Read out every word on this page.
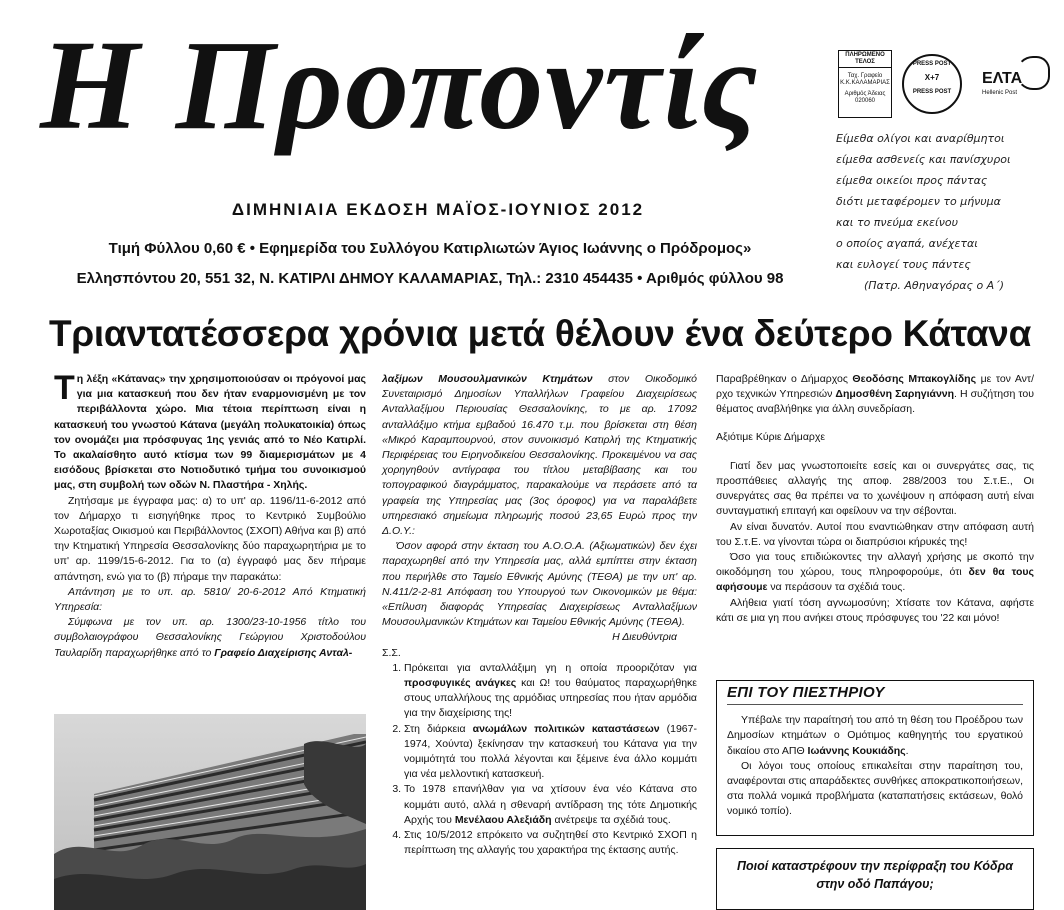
Η Προποντίς	ΠΛΗΡΩΜΕΝΟ ΤΕΛΟΣ
Ταχ. Γραφείο Κ.Κ.ΚΑΛΑΜΑΡΙΑΣ
Αριθμός Άδειας
020060
PRESS POST
Χ+7
PRESS POST
ΕΛΤΑ
Hellenic Post
Είμεθα ολίγοι και αναρίθμητοι
είμεθα ασθενείς και πανίσχυροι
είμεθα οικείοι προς πάντας
διότι μεταφέρομεν το μήνυμα
και το πνεύμα εκείνου
ο οποίος αγαπά, ανέχεται
και ευλογεί τους πάντες
(Πατρ. Αθηναγόρας ο Α΄)
ΔΙΜΗΝΙΑΙΑ ΕΚΔΟΣΗ ΜΑΪΟΣ-ΙΟΥΝΙΟΣ 2012
Τιμή Φύλλου 0,60 € • Εφημερίδα του Συλλόγου Κατιρλιωτών Άγιος Ιωάννης ο Πρόδρομος»
Ελλησπόντου 20, 551 32, Ν. ΚΑΤΙΡΛΙ ΔΗΜΟΥ ΚΑΛΑΜΑΡΙΑΣ, Τηλ.: 2310 454435 • Αριθμός φύλλου 98
Τριαντατέσσερα χρόνια μετά θέλουν ένα δεύτερο Κάτανα

Τη λέξη «Κάτανας» την χρησιμοποιούσαν οι πρόγονοί μας για μια κατασκευή που δεν ήταν εναρμονισμένη με τον περιβάλλοντα χώρο. Μια τέτοια περίπτωση είναι η κατασκευή του γνωστού Κάτανα (μεγάλη πολυκατοικία) όπως τον ονομάζει μια πρόσφυγας 1ης γενιάς από το Νέο Κατιρλί. Το ακαλαίσθητο αυτό κτίσμα των 99 διαμερισμάτων με 4 εισόδους βρίσκεται στο Νοτιοδυτικό τμήμα του συνοικισμού μας, στη συμβολή των οδών Ν. Πλαστήρα - Χηλής.

Ζητήσαμε με έγγραφα μας: α) το υπ' αρ. 1196/11-6-2012 από τον Δήμαρχο τι εισηγήθηκε προς το Κεντρικό Συμβούλιο Χωροταξίας Οικισμού και Περιβάλλοντος (ΣΧΟΠ) Αθήνα και β) από την Κτηματική Υπηρεσία Θεσσαλονίκης δύο παραχωρητήρια με το υπ' αρ. 1199/15-6-2012. Για το (α) έγγραφό μας δεν πήραμε απάντηση, ενώ για το (β) πήραμε την παρακάτω:

Απάντηση με το υπ. αρ. 5810/ 20-6-2012 Από Κτηματική Υπηρεσία:

Σύμφωνα με τον υπ. αρ. 1300/23-10-1956 τίτλο του συμβολαιογράφου Θεσσαλονίκης Γεώργιου Χριστοδούλου Ταυλαρίδη παραχωρήθηκε από το Γραφείο Διαχείρισης Ανταλ-

λαξίμων Μουσουλμανικών Κτημάτων στον Οικοδομικό Συνεταιρισμό Δημοσίων Υπαλλήλων Γραφείου Διαχειρίσεως Ανταλλαξίμου Περιουσίας Θεσσαλονίκης, το με αρ. 17092 ανταλλάξιμο κτήμα εμβαδού 16.470 τ.μ. που βρίσκεται στη θέση «Μικρό Καραμπουρνού, στον συνοικισμό Κατιρλή της Κτηματικής Περιφέρειας του Ειρηνοδικείου Θεσσαλονίκης. Προκειμένου να σας χορηγηθούν αντίγραφα του τίτλου μεταβίβασης και του τοπογραφικού διαγράμματος, παρακαλούμε να περάσετε από τα γραφεία της Υπηρεσίας μας (3ος όροφος) για να παραλάβετε υπηρεσιακό σημείωμα πληρωμής ποσού 23,65 Ευρώ προς την Δ.Ο.Υ.:

Όσον αφορά στην έκταση του Α.Ο.Ο.Α. (Αξιωματικών) δεν έχει παραχωρηθεί από την Υπηρεσία μας, αλλά εμπίπτει στην έκταση που περιήλθε στο Ταμείο Εθνικής Αμύνης (ΤΕΘΑ) με την υπ' αρ. Ν.411/2-2-81 Απόφαση του Υπουργού των Οικονομικών με θέμα: «Επίλυση διαφοράς Υπηρεσίας Διαχειρίσεως Ανταλλαξίμων Μουσουλμανικών Κτημάτων και Ταμείου Εθνικής Αμύνης (ΤΕΘΑ).

Η Διευθύντρια

Σ.Σ.

1. Πρόκειται για ανταλλάξιμη γη η οποία προοριζόταν για προσφυγικές ανάγκες και Ω! του θαύματος παραχωρήθηκε στους υπαλλήλους της αρμόδιας υπηρεσίας που ήταν αρμόδια για την διαχείρισης της!
2. Στη διάρκεια ανωμάλων πολιτικών καταστάσεων (1967-1974, Χούντα) ξεκίνησαν την κατασκευή του Κάτανα για την νομιμότητά του πολλά λέγονται και ξέμεινε ένα άλλο κομμάτι για νέα μελλοντική κατασκευή.
3. Το 1978 επανήλθαν για να χτίσουν ένα νέο Κάτανα στο κομμάτι αυτό, αλλά η σθεναρή αντίδραση της τότε Δημοτικής Αρχής του Μενέλαου Αλεξιάδη ανέτρεψε τα σχέδιά τους.
4. Στις 10/5/2012 επρόκειτο να συζητηθεί στο Κεντρικό ΣΧΟΠ η περίπτωση της αλλαγής του χαρακτήρα της έκτασης αυτής.

Παραβρέθηκαν ο Δήμαρχος Θεοδόσης Μπακογλίδης με τον Αντ/ρχο τεχνικών Υπηρεσιών Δημοσθένη Σαρηγιάννη. Η συζήτηση του θέματος αναβλήθηκε για άλλη συνεδρίαση.

Αξιότιμε Κύριε Δήμαρχε

Γιατί δεν μας γνωστοποιείτε εσείς και οι συνεργάτες σας, τις προσπάθειες αλλαγής της αποφ. 288/2003 του Σ.τ.Ε., Οι συνεργάτες σας θα πρέπει να το χωνέψουν η απόφαση αυτή είναι συνταγματική επιταγή και οφείλουν να την σέβονται.

Αν είναι δυνατόν. Αυτοί που εναντιώθηκαν στην απόφαση αυτή του Σ.τ.Ε. να γίνονται τώρα οι διαπρύσιοι κήρυκές της!

Όσο για τους επιδιώκοντες την αλλαγή χρήσης με σκοπό την οικοδόμηση του χώρου, τους πληροφορούμε, ότι δεν θα τους αφήσουμε να περάσουν τα σχέδιά τους.

Αλήθεια γιατί τόση αγνωμοσύνη; Χτίσατε τον Κάτανα, αφήστε κάτι σε μια γη που ανήκει στους πρόσφυγες του '22 και μόνο!

ΕΠΙ ΤΟΥ ΠΙΕΣΤΗΡΙΟΥ

Υπέβαλε την παραίτησή του από τη θέση του Προέδρου των Δημοσίων κτημάτων ο Ομότιμος καθηγητής του εργατικού δικαίου στο ΑΠΘ Ιωάννης Κουκιάδης.

Οι λόγοι τους οποίους επικαλείται στην παραίτηση του, αναφέρονται στις απαράδεκτες συνθήκες αποκρατικοποιήσεων, στα πολλά νομικά προβλήματα (καταπατήσεις εκτάσεων, θολό νομικό τοπίο).

Ποιοί καταστρέφουν την περίφραξη του Κόδρα
στην οδό Παπάγου;
